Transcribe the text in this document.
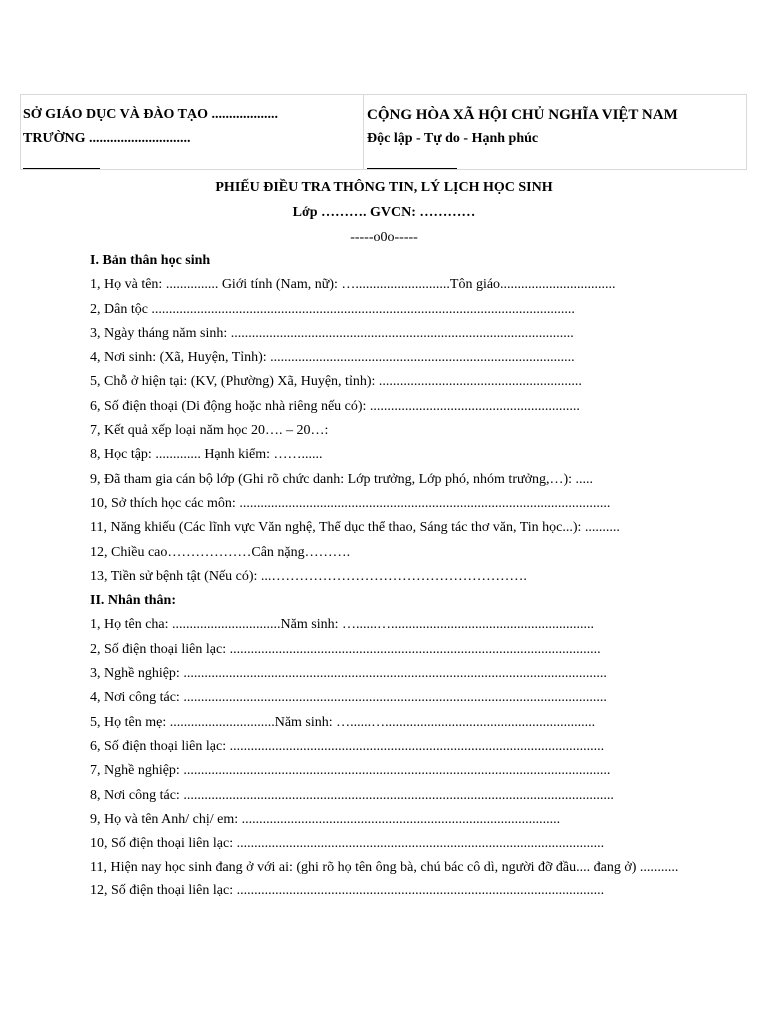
SỞ GIÁO DỤC VÀ ĐÀO TẠO ...................
TRƯỜNG .............................
CỘNG HÒA XÃ HỘI CHỦ NGHĨA VIỆT NAM
Độc lập - Tự do - Hạnh phúc
PHIẾU ĐIỀU TRA THÔNG TIN, LÝ LỊCH HỌC SINH
Lớp ………. GVCN: …………
-----o0o-----
I. Bản thân học sinh
1, Họ và tên: ............... Giới tính (Nam, nữ): …...........................Tôn giáo.................................
2, Dân tộc .........................................................................................................................
3, Ngày tháng năm sinh: ..................................................................................................
4, Nơi sinh: (Xã, Huyện, Tỉnh): .......................................................................................
5, Chỗ ở hiện tại: (KV, (Phường) Xã, Huyện, tỉnh): ..........................................................
6, Số điện thoại (Di động hoặc nhà riêng nếu có): ............................................................
7, Kết quả xếp loại năm học 20…. – 20…:
8, Học tập: ............. Hạnh kiểm: ……......
9, Đã tham gia cán bộ lớp (Ghi rõ chức danh: Lớp trưởng, Lớp phó, nhóm trưởng,…): .....
10, Sở thích học các môn: ..........................................................................................................
11, Năng khiếu (Các lĩnh vực Văn nghệ, Thể dục thể thao, Sáng tác thơ văn, Tin học...): ..........
12, Chiều cao………………Cân nặng……….
13, Tiền sử bệnh tật (Nếu có): ...……………………………………………….
II. Nhân thân:
1, Họ tên cha: ...............................Năm sinh: …......…..........................................................
2, Số điện thoại liên lạc: ..........................................................................................................
3, Nghề nghiệp: .........................................................................................................................
4, Nơi công tác: .........................................................................................................................
5, Họ tên mẹ: ..............................Năm sinh: …......…............................................................
6, Số điện thoại liên lạc: ...........................................................................................................
7, Nghề nghiệp: ..........................................................................................................................
8, Nơi công tác: ...........................................................................................................................
9, Họ và tên Anh/ chị/ em: ...........................................................................................
10, Số điện thoại liên lạc: .........................................................................................................
11, Hiện nay học sinh đang ở với ai: (ghi rõ họ tên ông bà, chú bác cô dì, người đỡ đầu.... đang ở) ...........
12, Số điện thoại liên lạc: .........................................................................................................
